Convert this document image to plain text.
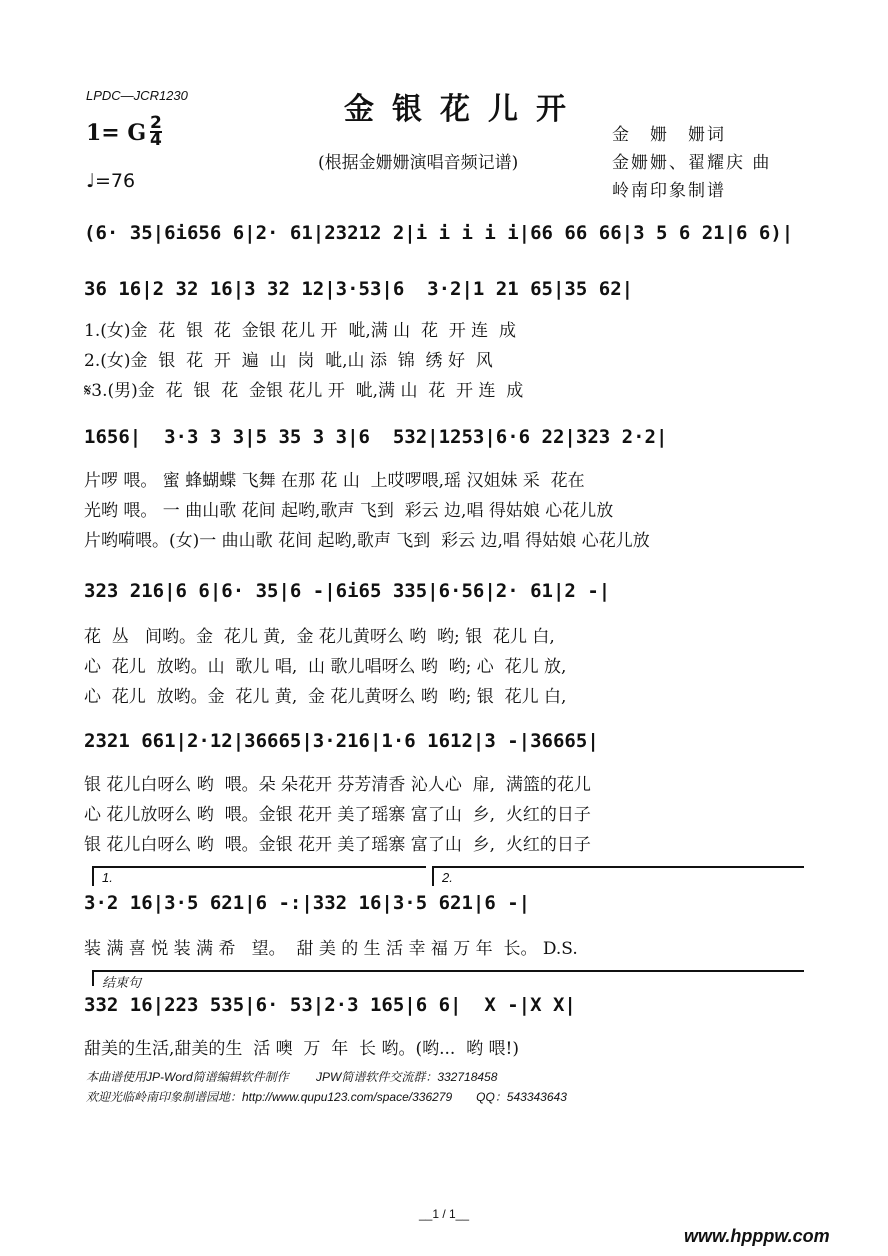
LPDC—JCR1230	金银花儿开
1= G 2
4
♩=76
(根据金姗姗演唱音频记谱)
金　姗　姗词
金姗姗、翟耀庆 曲
岭南印象制谱
(6· 35|6i656 6|2· 61|23212 2|i i i i i|66 66 66|3 5 6 21|6 6)|
36 16|2 32 16|3 32 12|3·53|6  3·2|1 21 65|35 62|
1.(女)金  花  银  花  金银 花儿 开  呲,满 山  花  开 连  成
2.(女)金  银  花  开  遍  山  岗  呲,山 添  锦  绣 好  风
𝄋3.(男)金  花  银  花  金银 花儿 开  呲,满 山  花  开 连  成
1656|  3·3 3 3|5 35 3 3|6  532|1253|6·6 22|323 2·2|
片啰 喂。 蜜 蜂蝴蝶 飞舞 在那 花 山  上哎啰喂,瑶 汉姐妹 采  花在
光哟 喂。 一 曲山歌 花间 起哟,歌声 飞到  彩云 边,唱 得姑娘 心花儿放
片哟嗬喂。(女)一 曲山歌 花间 起哟,歌声 飞到  彩云 边,唱 得姑娘 心花儿放
323 216|6 6|6· 35|6 -|6i65 335|6·56|2· 61|2 -|
花  丛   间哟。金  花儿 黄,  金 花儿黄呀么 哟  哟; 银  花儿 白,
心  花儿  放哟。山  歌儿 唱,  山 歌儿唱呀么 哟  哟; 心  花儿 放,
心  花儿  放哟。金  花儿 黄,  金 花儿黄呀么 哟  哟; 银  花儿 白,
2321 661|2·12|36665|3·216|1·6 1612|3 -|36665|
银 花儿白呀么 哟  喂。朵 朵花开 芬芳清香 沁人心  扉,  满篮的花儿
心 花儿放呀么 哟  喂。金银 花开 美了瑶寨 富了山  乡,  火红的日子
银 花儿白呀么 哟  喂。金银 花开 美了瑶寨 富了山  乡,  火红的日子
1.	2.
3·2 16|3·5 621|6 -:|332 16|3·5 621|6 -|
装 满 喜 悦 装 满 希   望。  甜 美 的 生 活 幸 福 万 年  长。 D.S.
结束句
332 16|223 535|6· 53|2·3 165|6 6|  X -|X X|
甜美的生活,甜美的生  活 噢  万  年  长 哟。(哟...  哟 喂!)
本曲谱使用JP-Word简谱编辑软件制作　　 JPW简谱软件交流群：332718458
欢迎光临岭南印象制谱园地：http://www.qupu123.com/space/336279　　QQ：543343643
__1 / 1__
www.hpppw.com
